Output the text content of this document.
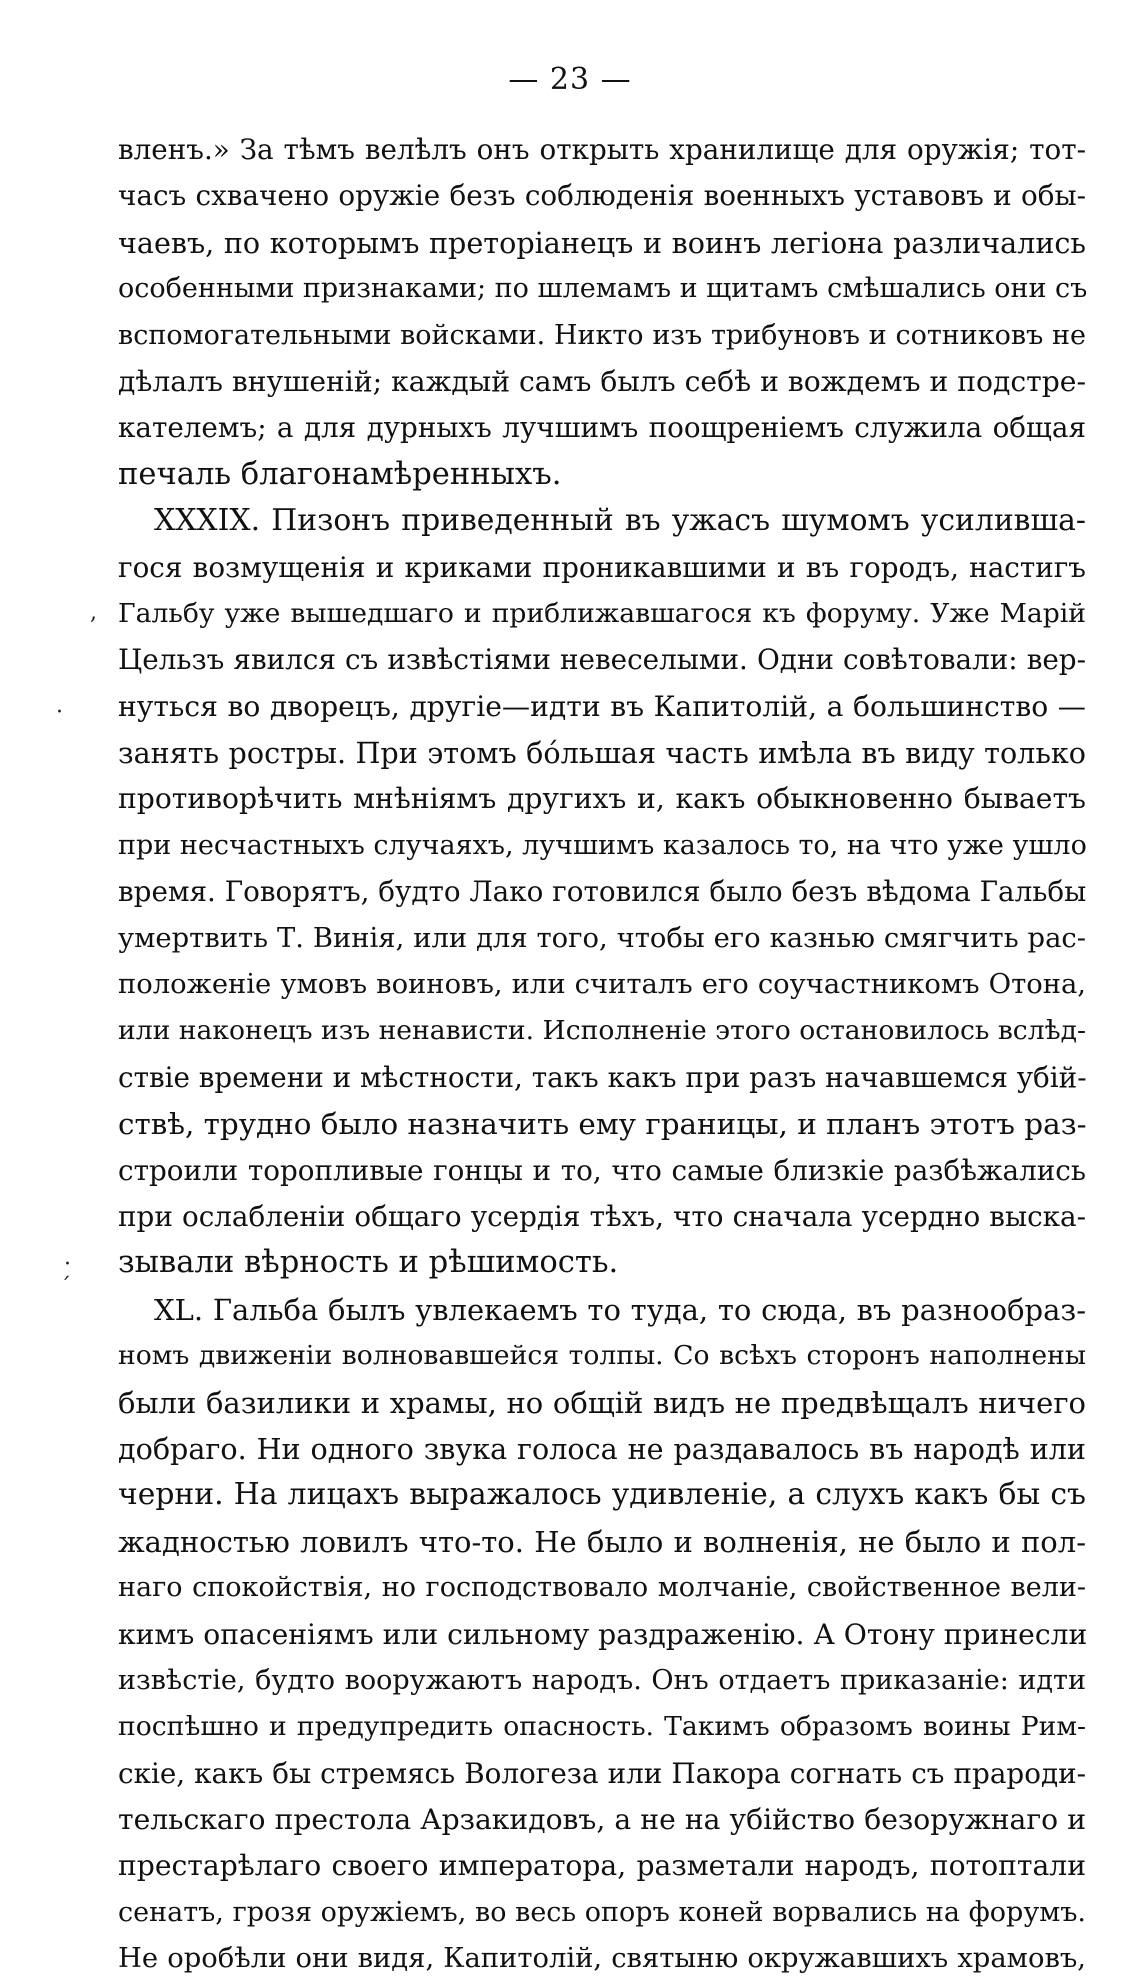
— 23 —
вленъ.» За тѣмъ велѣлъ онъ открыть хранилище для оружія; тот-
часъ схвачено оружіе безъ соблюденія военныхъ уставовъ и обы-
чаевъ, по которымъ преторіанецъ и воинъ легіона различались
особенными признаками; по шлемамъ и щитамъ смѣшались они съ
вспомогательными войсками. Никто изъ трибуновъ и сотниковъ не
дѣлалъ внушеній; каждый самъ былъ себѣ и вождемъ и подстре-
кателемъ; а для дурныхъ лучшимъ поощреніемъ служила общая
печаль благонамѣренныхъ.
XXXIX. Пизонъ приведенный въ ужасъ шумомъ усилившa-
гося возмущенія и криками проникавшими и въ городъ, настигъ
Гальбу уже вышедшаго и приближавшагося къ форуму. Уже Марій
Цельзъ явился съ извѣстіями невеселыми. Одни совѣтовали: вер-
нуться во дворецъ, другіе—идти въ Капитолій, а большинство —
занять ростры. При этомъ бо́льшая часть имѣла въ виду только
противорѣчить мнѣніямъ другихъ и, какъ обыкновенно бываетъ
при несчастныхъ случаяхъ, лучшимъ казалось то, на что уже ушло
время. Говорятъ, будто Лако готовился было безъ вѣдома Гальбы
умертвить Т. Винія, или для того, чтобы его казнью смягчить рас-
положеніе умовъ воиновъ, или считалъ его соучастникомъ Отона,
или наконецъ изъ ненависти. Исполненіе этого остановилось вслѣд-
ствіе времени и мѣстности, такъ какъ при разъ начавшемся убій-
ствѣ, трудно было назначить ему границы, и планъ этотъ раз-
строили торопливые гонцы и то, что самые близкіе разбѣжались
при ослабленіи общаго усердія тѣхъ, что сначала усердно выска-
зывали вѣрность и рѣшимость.
XL. Гальба былъ увлекаемъ то туда, то сюда, въ разнообраз-
номъ движеніи волновавшейся толпы. Со всѣхъ сторонъ наполнены
были базилики и храмы, но общій видъ не предвѣщалъ ничего
добраго. Ни одного звука голоса не раздавалось въ народѣ или
черни. На лицахъ выражалось удивленіе, а слухъ какъ бы съ
жадностью ловилъ что-то. Не было и волненія, не было и пол-
наго спокойствія, но господствовало молчаніе, свойственное вели-
кимъ опасеніямъ или сильному раздраженію. А Отону принесли
извѣстіе, будто вооружаютъ народъ. Онъ отдаетъ приказаніе: идти
поспѣшно и предупредить опасность. Такимъ образомъ воины Рим-
скіе, какъ бы стремясь Вологеза или Пакора согнать съ прароди-
тельскаго престола Арзакидовъ, а не на убійство безоружнаго и
престарѣлаго своего императора, разметали народъ, потоптали
сенатъ, грозя оружіемъ, во весь опоръ коней ворвались на форумъ.
Не оробѣли они видя, Капитолій, святыню окружавшихъ храмовъ,
,
·
·
ˊ
